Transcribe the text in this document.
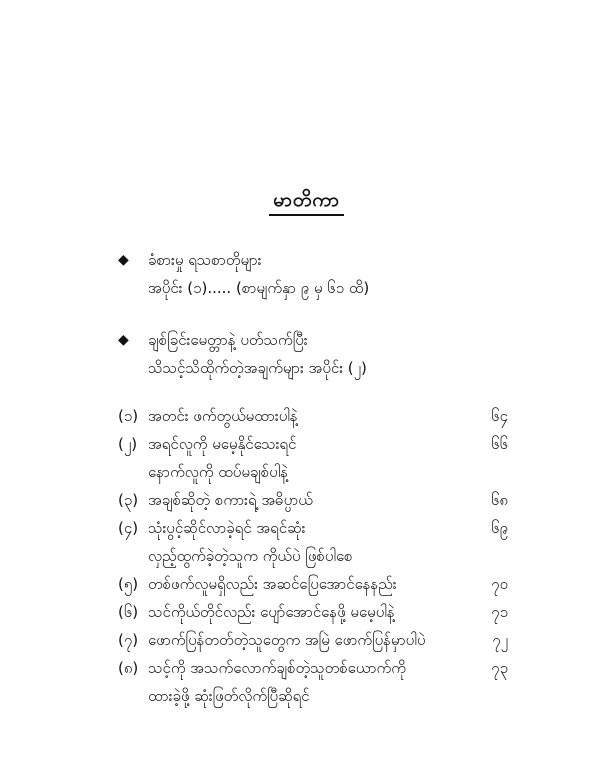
မာတိကာ
◆ ခံစားမှု ရသစာတိုများ
အပိုင်း (၁)..... (စာမျက်နှာ ၉ မှ ၆၁ ထိ)
◆ ချစ်ခြင်းမေတ္တာနဲ့ ပတ်သက်ပြီး
သိသင့်သိထိုက်တဲ့အချက်များ အပိုင်း (၂)
(၁) အတင်း ဖက်တွယ်မထားပါနဲ့	၆၄
(၂) အရင်လူကို မမေ့နိုင်သေးရင်	၆၆
နောက်လူကို ထပ်မချစ်ပါနဲ့
(၃) အချစ်ဆိုတဲ့ စကားရဲ့ အဓိပ္ပာယ်	၆၈
(၄) သုံးပွင့်ဆိုင်လာခဲ့ရင် အရင်ဆုံး	၆၉
လှည့်ထွက်ခဲ့တဲ့သူက ကိုယ်ပဲ ဖြစ်ပါစေ
(၅) တစ်ဖက်လူမရှိလည်း အဆင်ပြေအောင်နေနည်း	၇၀
(၆) သင်ကိုယ်တိုင်လည်း ပျော်အောင်နေဖို့ မမေ့ပါနဲ့	၇၁
(၇) ဖောက်ပြန်တတ်တဲ့သူတွေက အမြဲ ဖောက်ပြန်မှာပါပဲ	၇၂
(၈) သင့်ကို အသက်လောက်ချစ်တဲ့သူတစ်ယောက်ကို	၇၃
ထားခဲ့ဖို့ ဆုံးဖြတ်လိုက်ပြီဆိုရင်
